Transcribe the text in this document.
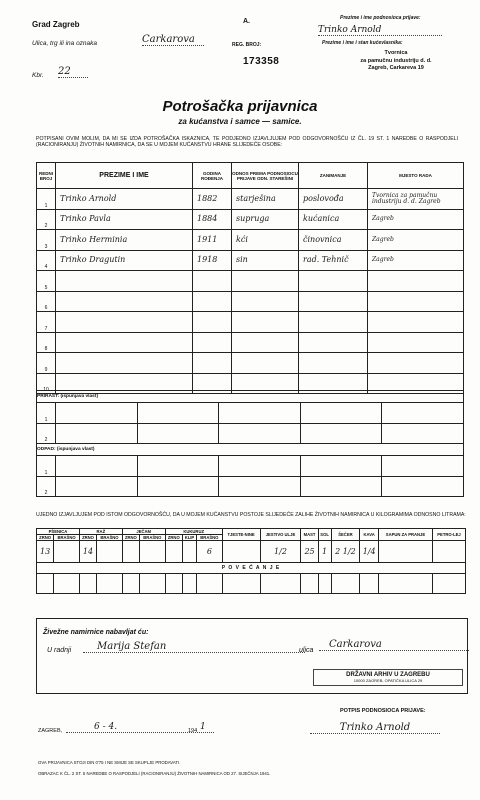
Grad Zagreb	A.
Ulica, trg ili ina oznaka	Carkarova
Kbr. 22
REG. BROJ:
173358
Prezime i ime podnosioca prijave:
Trinko Arnold
Prezime i ime i stan kućevlasnika:
Tvornica
za pamučnu industriju d. d.
Zagreb, Carkareva 19
Potrošačka prijavnica
za kućanstva i samce — samice.
POTPISANI OVIM MOLIM, DA MI SE IZDA POTROŠAČKA ISKAZNICA, TE PODJEDNO IZJAVLJUJEM POD ODGOVORNOŠĆU IZ ČL. 19 ST. 1 NAREDBE O RASPODJELI (RACIONIRANJU) ŽIVOTNIH NAMIRNICA, DA SE U MOJEM KUĆANSTVU HRANE SLIJEDEĆE OSOBE:
REDNI BROJ	PREZIME I IME	GODINA ROĐENJA	ODNOS PREMA PODNOSIOCU PRIJAVE ODN. STAREŠINI	ZANIMANJE	MJESTO RADA
1	Trinko Arnold	1882	starješina	poslovođa	Tvornica za pamučnu industriju d. d. Zagreb
2	Trinko Pavla	1884	supruga	kućanica	Zagreb
3	Trinko Herminia	1911	kći	činovnica	Zagreb
4	Trinko Dragutin	1918	sin	rad. Tehnič	Zagreb
5					
6					
7					
8					
9					
10					
PRIRAST: (ispunjava vlast)					
1					
2					
ODPAD: (ispunjava vlast)					
1					
2					
UJEDNO IZJAVLJUJEM POD ISTOM ODGOVORNOŠĆU, DA U MOJEM KUĆANSTVU POSTOJE SLIJEDEĆE ZALIHE ŽIVOTNIH NAMIRNICA U KILOGRAMIMA ODNOSNO LITRAMA:
PŠENICA		RAŽ		JEČAM		KUKURUZ			TJESTE-NINE	JESTIVO ULJE	MAST	SOL	ŠEĆER	KAVA	SAPUN ZA PRANJE	PETRO-LEJ
ZRNO	BRAŠNO	ZRNO	BRAŠNO	ZRNO	BRAŠNO	ZRNO	KLIP	BRAŠNO								
13		14						6		1/2	25	1	2 1/2	1/4		
P O V E Ć A N J E																

Živežne namirnice nabavljat ću:
U radnji	Marija Stefan	ulica
Carkarova
DRŽAVNI ARHIV U ZAGREBU
10000 ZAGREB, OPATIČKA ULICA 29
ZAGREB,	6 - 4.	194 1
POTPIS PODNOSIOCA PRIJAVE:
Trinko Arnold
OVA PRIJAVNICA STOJI DIN 0'75 I NE SMIJE SE SKUPLJE PRODAVATI.
OBRAZAC K ČL. 2 ST. 5 NAREDBE O RASPODJELI (RACIONIRANJU) ŽIVOTNIH NAMIRNICA OD 27. SIJEČNJA 1941.
